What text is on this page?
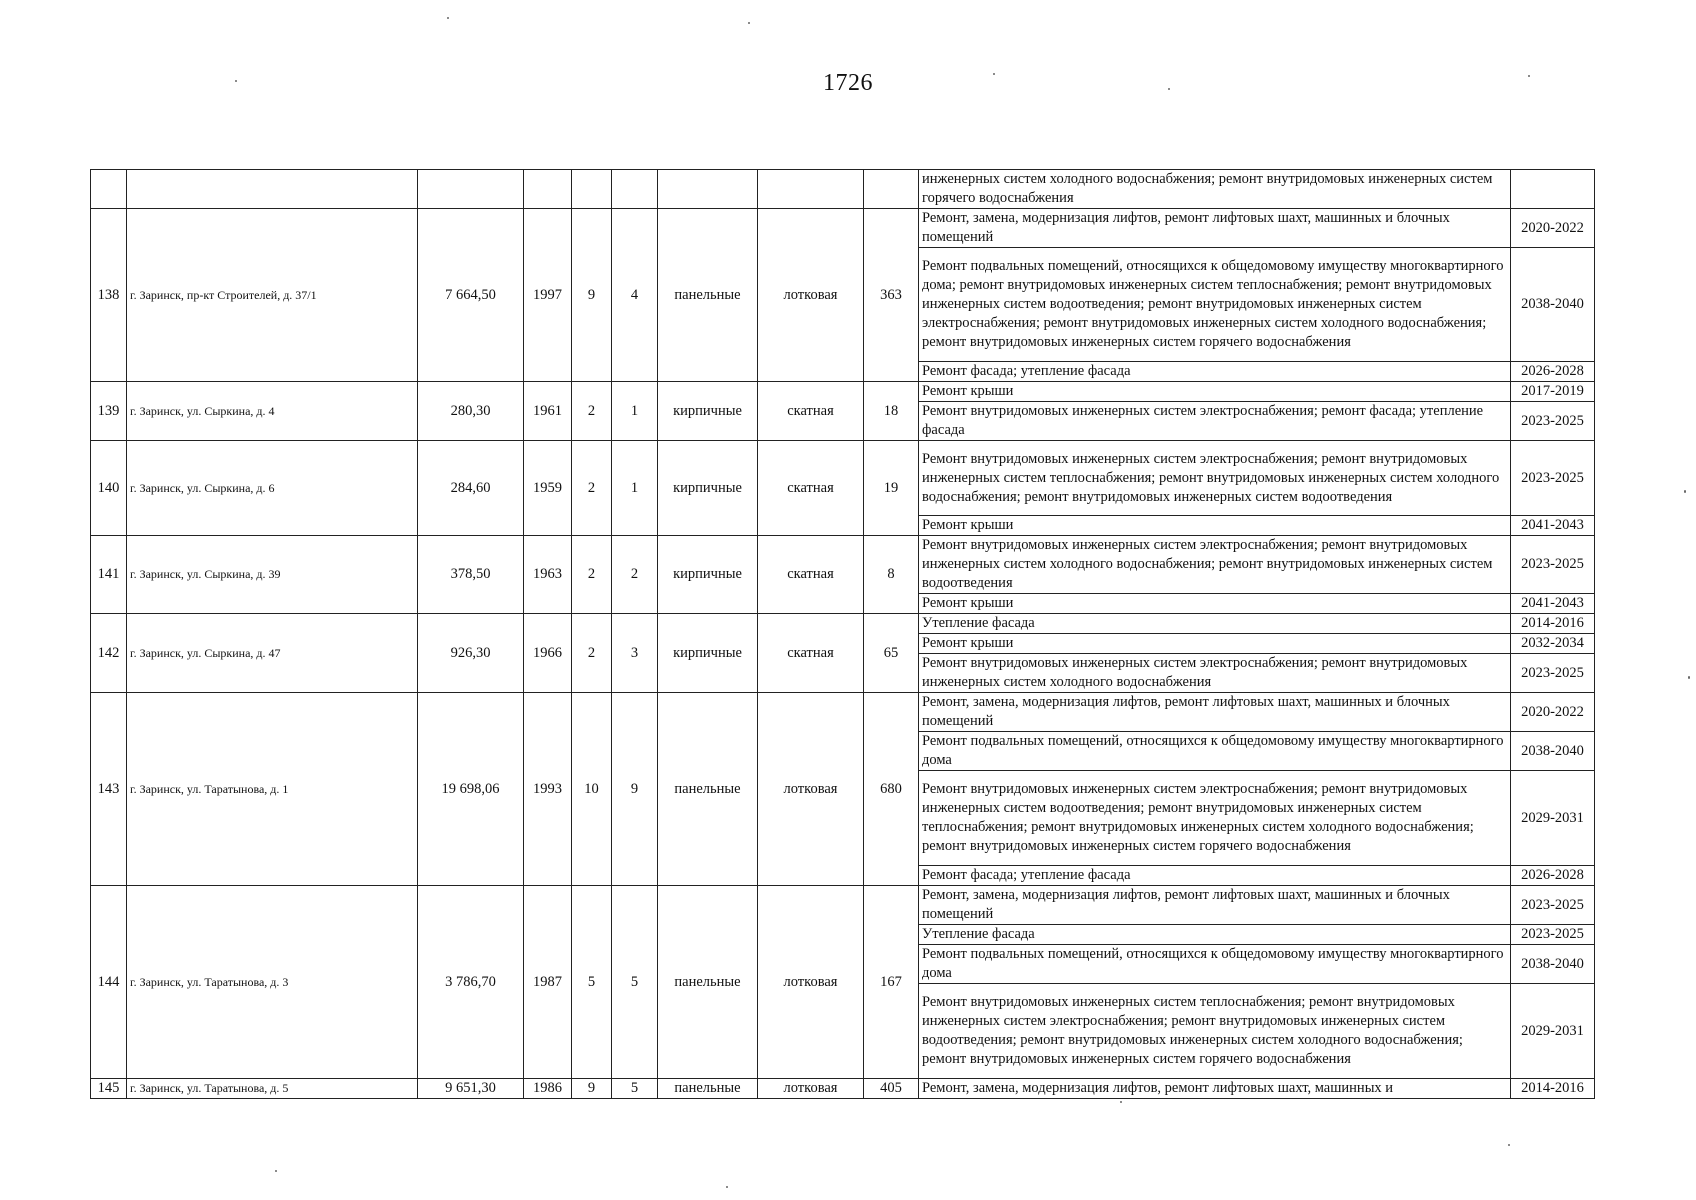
1726
									инженерных систем холодного водоснабжения; ремонт внутридомовых инженерных систем горячего водоснабжения	
138	г. Заринск, пр-кт Строителей, д. 37/1	7 664,50	1997	9	4	панельные	лотковая	363	Ремонт, замена, модернизация лифтов, ремонт лифтовых шахт, машинных и блочных помещений	2020-2022
									Ремонт подвальных помещений, относящихся к общедомовому имуществу многоквартирного дома; ремонт внутридомовых инженерных систем теплоснабжения; ремонт внутридомовых инженерных систем водоотведения; ремонт внутридомовых инженерных систем электроснабжения; ремонт внутридомовых инженерных систем холодного водоснабжения; ремонт внутридомовых инженерных систем горячего водоснабжения	2038-2040
									Ремонт фасада; утепление фасада	2026-2028
139	г. Заринск, ул. Сыркина, д. 4	280,30	1961	2	1	кирпичные	скатная	18	Ремонт крыши	2017-2019
									Ремонт внутридомовых инженерных систем электроснабжения; ремонт фасада; утепление фасада	2023-2025
140	г. Заринск, ул. Сыркина, д. 6	284,60	1959	2	1	кирпичные	скатная	19	Ремонт внутридомовых инженерных систем электроснабжения; ремонт внутридомовых инженерных систем теплоснабжения; ремонт внутридомовых инженерных систем холодного водоснабжения; ремонт внутридомовых инженерных систем водоотведения	2023-2025
									Ремонт крыши	2041-2043
141	г. Заринск, ул. Сыркина, д. 39	378,50	1963	2	2	кирпичные	скатная	8	Ремонт внутридомовых инженерных систем электроснабжения; ремонт внутридомовых инженерных систем холодного водоснабжения; ремонт внутридомовых инженерных систем водоотведения	2023-2025
									Ремонт крыши	2041-2043
142	г. Заринск, ул. Сыркина, д. 47	926,30	1966	2	3	кирпичные	скатная	65	Утепление фасада	2014-2016
									Ремонт крыши	2032-2034
									Ремонт внутридомовых инженерных систем электроснабжения; ремонт внутридомовых инженерных систем холодного водоснабжения	2023-2025
143	г. Заринск, ул. Таратынова, д. 1	19 698,06	1993	10	9	панельные	лотковая	680	Ремонт, замена, модернизация лифтов, ремонт лифтовых шахт, машинных и блочных помещений	2020-2022
									Ремонт подвальных помещений, относящихся к общедомовому имуществу многоквартирного дома	2038-2040
									Ремонт внутридомовых инженерных систем электроснабжения; ремонт внутридомовых инженерных систем водоотведения; ремонт внутридомовых инженерных систем теплоснабжения; ремонт внутридомовых инженерных систем холодного водоснабжения; ремонт внутридомовых инженерных систем горячего водоснабжения	2029-2031
									Ремонт фасада; утепление фасада	2026-2028
144	г. Заринск, ул. Таратынова, д. 3	3 786,70	1987	5	5	панельные	лотковая	167	Ремонт, замена, модернизация лифтов, ремонт лифтовых шахт, машинных и блочных помещений	2023-2025
									Утепление фасада	2023-2025
									Ремонт подвальных помещений, относящихся к общедомовому имуществу многоквартирного дома	2038-2040
									Ремонт внутридомовых инженерных систем теплоснабжения; ремонт внутридомовых инженерных систем электроснабжения; ремонт внутридомовых инженерных систем водоотведения; ремонт внутридомовых инженерных систем холодного водоснабжения; ремонт внутридомовых инженерных систем горячего водоснабжения	2029-2031
145	г. Заринск, ул. Таратынова, д. 5	9 651,30	1986	9	5	панельные	лотковая	405	Ремонт, замена, модернизация лифтов, ремонт лифтовых шахт, машинных и	2014-2016
